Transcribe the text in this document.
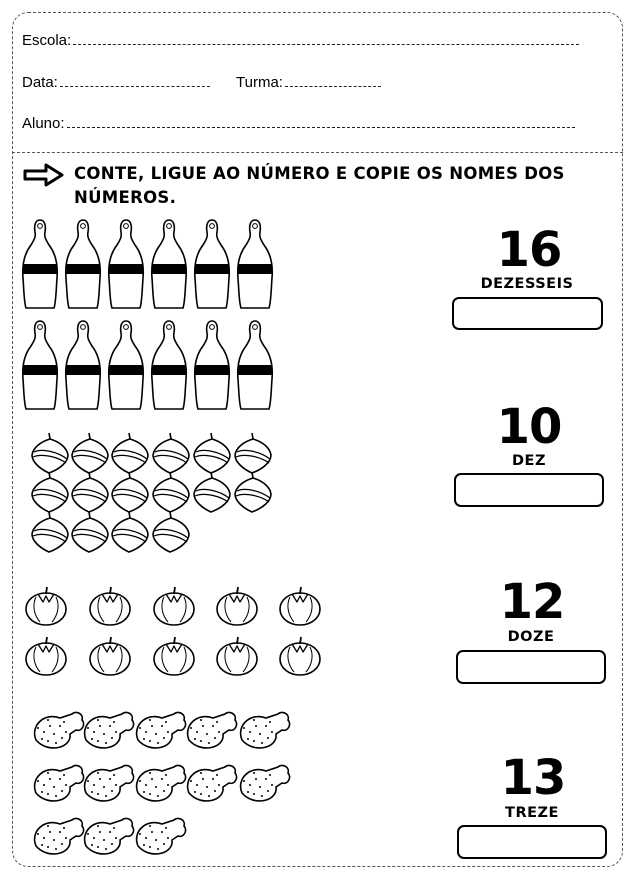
Escola:
Data:	Turma:
Aluno:
CONTE, LIGUE AO NÚMERO E COPIE OS NOMES DOS NÚMEROS.
16
DEZESSEIS
10
DEZ
12
DOZE
13
TREZE
